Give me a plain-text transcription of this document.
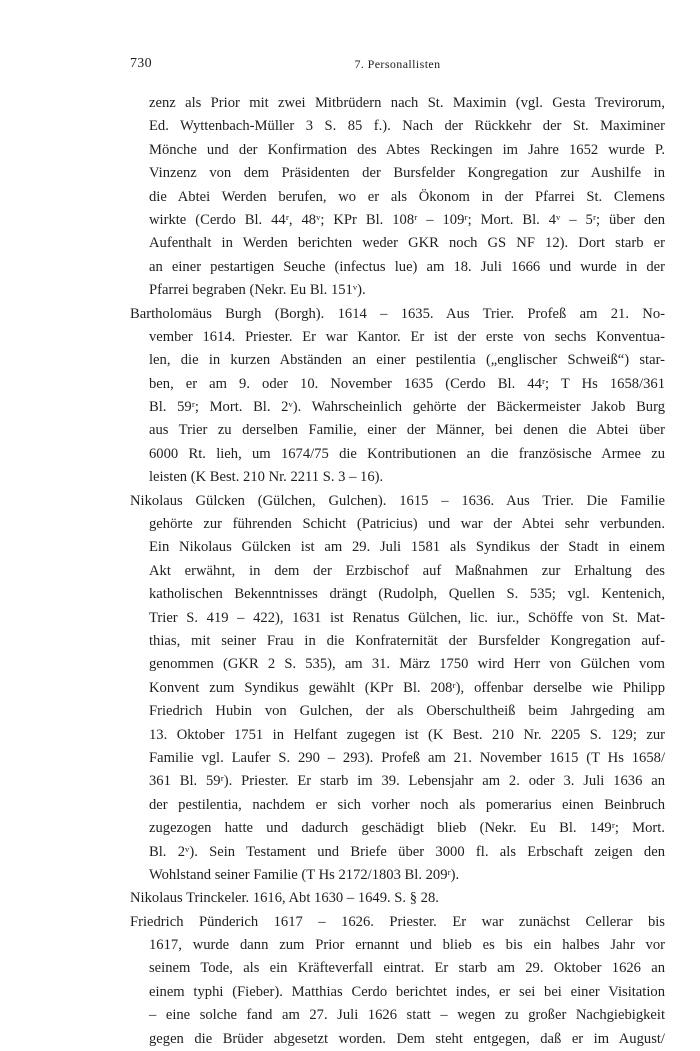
730	7. Personallisten
zenz als Prior mit zwei Mitbrüdern nach St. Maximin (vgl. Gesta Trevirorum,
Ed. Wyttenbach-Müller 3 S. 85 f.). Nach der Rückkehr der St. Maximiner
Mönche und der Konfirmation des Abtes Reckingen im Jahre 1652 wurde P.
Vinzenz von dem Präsidenten der Bursfelder Kongregation zur Aushilfe in
die Abtei Werden berufen, wo er als Ökonom in der Pfarrei St. Clemens
wirkte (Cerdo Bl. 44ʳ, 48ᵛ; KPr Bl. 108ʳ – 109ʳ; Mort. Bl. 4ᵛ – 5ʳ; über den
Aufenthalt in Werden berichten weder GKR noch GS NF 12). Dort starb er
an einer pestartigen Seuche (infectus lue) am 18. Juli 1666 und wurde in der
Pfarrei begraben (Nekr. Eu Bl. 151ᵛ).
Bartholomäus Burgh (Borgh). 1614 – 1635. Aus Trier. Profeß am 21. No-
vember 1614. Priester. Er war Kantor. Er ist der erste von sechs Konventua-
len, die in kurzen Abständen an einer pestilentia („englischer Schweiß“) star-
ben, er am 9. oder 10. November 1635 (Cerdo Bl. 44ʳ; T Hs 1658/361
Bl. 59ʳ; Mort. Bl. 2ᵛ). Wahrscheinlich gehörte der Bäckermeister Jakob Burg
aus Trier zu derselben Familie, einer der Männer, bei denen die Abtei über
6000 Rt. lieh, um 1674/75 die Kontributionen an die französische Armee zu
leisten (K Best. 210 Nr. 2211 S. 3 – 16).
Nikolaus Gülcken (Gülchen, Gulchen). 1615 – 1636. Aus Trier. Die Familie
gehörte zur führenden Schicht (Patricius) und war der Abtei sehr verbunden.
Ein Nikolaus Gülcken ist am 29. Juli 1581 als Syndikus der Stadt in einem
Akt erwähnt, in dem der Erzbischof auf Maßnahmen zur Erhaltung des
katholischen Bekenntnisses drängt (Rudolph, Quellen S. 535; vgl. Kentenich,
Trier S. 419 – 422), 1631 ist Renatus Gülchen, lic. iur., Schöffe von St. Mat-
thias, mit seiner Frau in die Konfraternität der Bursfelder Kongregation auf-
genommen (GKR 2 S. 535), am 31. März 1750 wird Herr von Gülchen vom
Konvent zum Syndikus gewählt (KPr Bl. 208ʳ), offenbar derselbe wie Philipp
Friedrich Hubin von Gulchen, der als Oberschultheiß beim Jahrgeding am
13. Oktober 1751 in Helfant zugegen ist (K Best. 210 Nr. 2205 S. 129; zur
Familie vgl. Laufer S. 290 – 293). Profeß am 21. November 1615 (T Hs 1658/
361 Bl. 59ʳ). Priester. Er starb im 39. Lebensjahr am 2. oder 3. Juli 1636 an
der pestilentia, nachdem er sich vorher noch als pomerarius einen Beinbruch
zugezogen hatte und dadurch geschädigt blieb (Nekr. Eu Bl. 149ʳ; Mort.
Bl. 2ᵛ). Sein Testament und Briefe über 3000 fl. als Erbschaft zeigen den
Wohlstand seiner Familie (T Hs 2172/1803 Bl. 209ʳ).
Nikolaus Trinckeler. 1616, Abt 1630 – 1649. S. § 28.
Friedrich Pünderich 1617 – 1626. Priester. Er war zunächst Cellerar bis
1617, wurde dann zum Prior ernannt und blieb es bis ein halbes Jahr vor
seinem Tode, als ein Kräfteverfall eintrat. Er starb am 29. Oktober 1626 an
einem typhi (Fieber). Matthias Cerdo berichtet indes, er sei bei einer Visitation
– eine solche fand am 27. Juli 1626 statt – wegen zu großer Nachgiebigkeit
gegen die Brüder abgesetzt worden. Dem steht entgegen, daß er im August/
